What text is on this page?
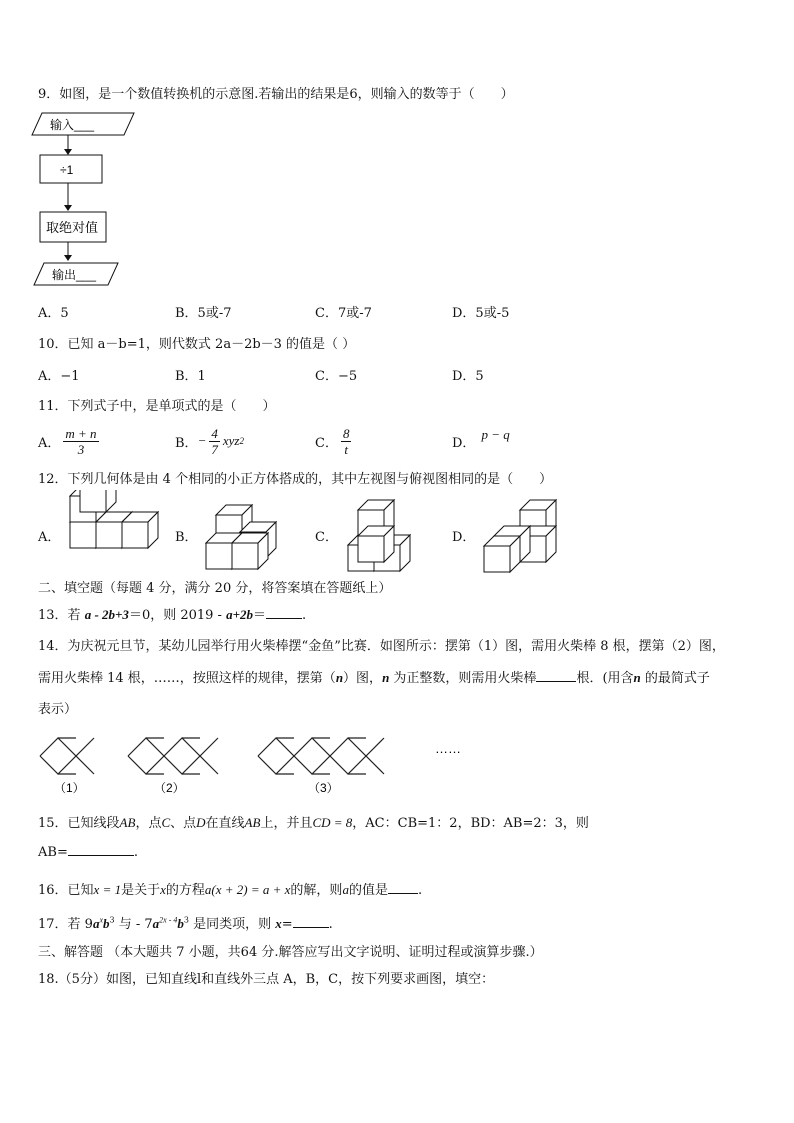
9．如图，是一个数值转换机的示意图.若输出的结果是6，则输入的数等于（　　）
输入___
÷1
取绝对值
输出___
A．5	B．5或-7	C．7或-7	D．5或-5
10．已知 a－b=1，则代数式 2a－2b－3 的值是（ ）
A．−1	B．1	C．−5	D．5
11．下列式子中，是单项式的是（　　）
A． $\frac{m + n}{3}$	B． − $\frac{4}{7}$ xyz 2	C． $\frac{8}{t}$	D．
p − q
12．下列几何体是由 4 个相同的小正方体搭成的，其中左视图与俯视图相同的是（　　）
A．	B．	C．	D．
二、填空题（每题 4 分，满分 20 分，将答案填在答题纸上）
13．若 a - 2b+3＝0，则 2019 - a+2b＝	.
14．为庆祝元旦节，某幼儿园举行用火柴棒摆“金鱼”比赛．如图所示：摆第（1）图，需用火柴棒 8 根，摆第（2）图，
需用火柴棒 14 根，……，按照这样的规律，摆第（n）图，n 为正整数，则需用火柴棒	根．(用含n 的最简式子
表示）
……
（1）	（2）	（3）
15．已知线段AB，点C、点D在直线AB上，并且CD = 8，AC：CB=1：2，BD：AB=2：3，则
AB=	.
16．已知x = 1是关于x的方程a(x + 2) = a + x的解，则a的值是 .
17．若 $9a^xb^3$ 与 - $7a^{2x - 4}b^3$ 是同类项，则 x=	.
三、解答题 （本大题共 7 小题，共64 分.解答应写出文字说明、证明过程或演算步骤.）
18.（5分）如图，已知直线l和直线外三点 A，B，C，按下列要求画图，填空：
